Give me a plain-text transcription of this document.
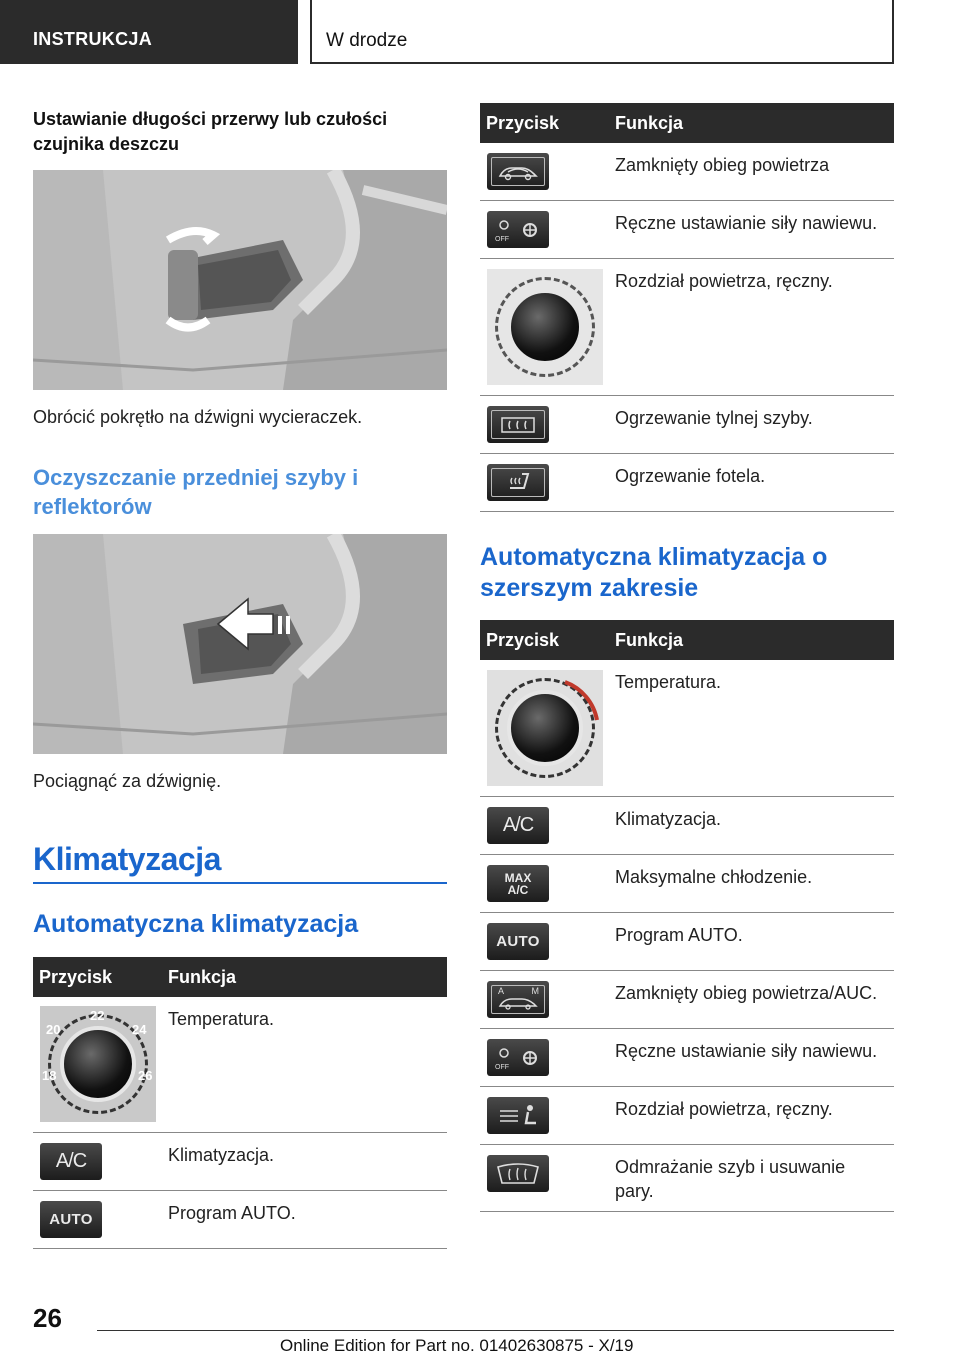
INSTRUKCJA	W drodze
Ustawianie długości przerwy lub czułości czujnika deszczu
Obrócić pokrętło na dźwigni wycieraczek.
Oczyszczanie przedniej szyby i reflektorów
Pociągnąć za dźwignię.
Klimatyzacja
Automatyczna klimatyzacja
Przycisk	Funkcja

22
20 24
18 26	Temperatura.

A/C	Klimatyzacja.

AUTO	Program AUTO.
Przycisk	Funkcja

	Zamknięty obieg powietrza

OFF	Ręczne ustawianie siły nawiewu.

	Rozdział powietrza, ręczny.

	Ogrzewanie tylnej szyby.

	Ogrzewanie fotela.
Automatyczna klimatyzacja o szerszym zakresie
Przycisk	Funkcja

	Temperatura.

A/C	Klimatyzacja.

MAX
A/C	Maksymalne chłodzenie.

AUTO	Program AUTO.

A M	Zamknięty obieg powietrza/AUC.

OFF	Ręczne ustawianie siły nawiewu.

	Rozdział powietrza, ręczny.

	Odmrażanie szyb i usuwanie pary.
26
Online Edition for Part no. 01402630875 - X/19
